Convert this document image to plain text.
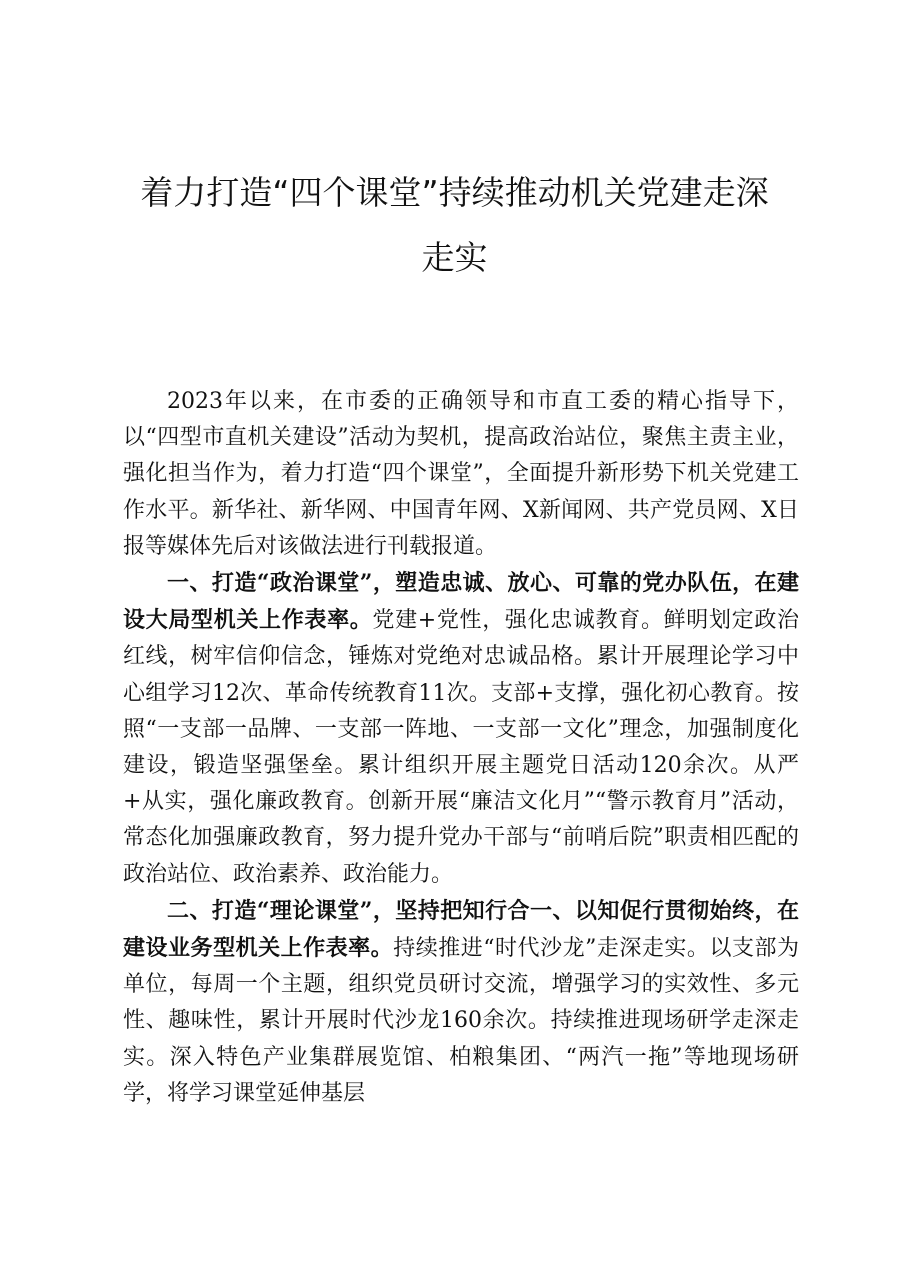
着力打造“四个课堂”持续推动机关党建走深
走实

2023年以来，在市委的正确领导和市直工委的精心指导下，以“四型市直机关建设”活动为契机，提高政治站位，聚焦主责主业，强化担当作为，着力打造“四个课堂”，全面提升新形势下机关党建工作水平。新华社、新华网、中国青年网、X新闻网、共产党员网、X日报等媒体先后对该做法进行刊载报道。

一、打造“政治课堂”，塑造忠诚、放心、可靠的党办队伍，在建设大局型机关上作表率。党建+党性，强化忠诚教育。鲜明划定政治红线，树牢信仰信念，锤炼对党绝对忠诚品格。累计开展理论学习中心组学习12次、革命传统教育11次。支部+支撑，强化初心教育。按照“一支部一品牌、一支部一阵地、一支部一文化”理念，加强制度化建设，锻造坚强堡垒。累计组织开展主题党日活动120余次。从严+从实，强化廉政教育。创新开展“廉洁文化月”“警示教育月”活动，常态化加强廉政教育，努力提升党办干部与“前哨后院”职责相匹配的政治站位、政治素养、政治能力。

二、打造“理论课堂”，坚持把知行合一、以知促行贯彻始终，在建设业务型机关上作表率。持续推进“时代沙龙”走深走实。以支部为单位，每周一个主题，组织党员研讨交流，增强学习的实效性、多元性、趣味性，累计开展时代沙龙160余次。持续推进现场研学走深走实。深入特色产业集群展览馆、柏粮集团、“两汽一拖”等地现场研学，将学习课堂延伸基层
